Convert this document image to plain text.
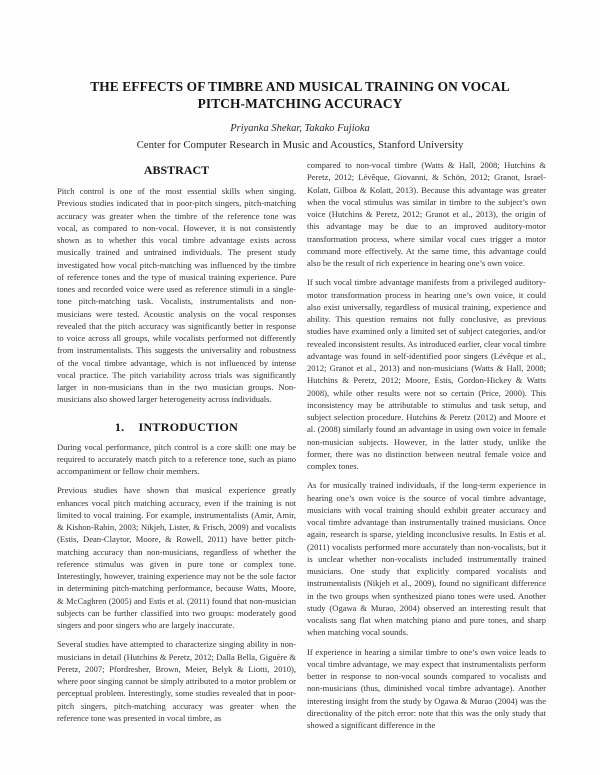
THE EFFECTS OF TIMBRE AND MUSICAL TRAINING ON VOCAL
PITCH-MATCHING ACCURACY
Priyanka Shekar, Takako Fujioka
Center for Computer Research in Music and Acoustics, Stanford University
ABSTRACT

Pitch control is one of the most essential skills when singing. Previous studies indicated that in poor-pitch singers, pitch-matching accuracy was greater when the timbre of the reference tone was vocal, as compared to non-vocal. However, it is not consistently shown as to whether this vocal timbre advantage exists across musically trained and untrained individuals. The present study investigated how vocal pitch-matching was influenced by the timbre of reference tones and the type of musical training experience. Pure tones and recorded voice were used as reference stimuli in a single-tone pitch-matching task. Vocalists, instrumentalists and non-musicians were tested. Acoustic analysis on the vocal responses revealed that the pitch accuracy was significantly better in response to voice across all groups, while vocalists performed not differently from instrumentalists. This suggests the universality and robustness of the vocal timbre advantage, which is not influenced by intense vocal practice. The pitch variability across trials was significantly larger in non-musicians than in the two musician groups. Non-musicians also showed larger heterogeneity across individuals.

1. INTRODUCTION

During vocal performance, pitch control is a core skill: one may be required to accurately match pitch to a reference tone, such as piano accompaniment or fellow choir members.

Previous studies have shown that musical experience greatly enhances vocal pitch matching accuracy, even if the training is not limited to vocal training. For example, instrumentalists (Amir, Amir, & Kishon-Rabin, 2003; Nikjeh, Lister, & Frisch, 2009) and vocalists (Estis, Dean-Claytor, Moore, & Rowell, 2011) have better pitch-matching accuracy than non-musicians, regardless of whether the reference stimulus was given in pure tone or complex tone. Interestingly, however, training experience may not be the sole factor in determining pitch-matching performance, because Watts, Moore, & McCaghren (2005) and Estis et al. (2011) found that non-musician subjects can be further classified into two groups: moderately good singers and poor singers who are largely inaccurate.

Several studies have attempted to characterize singing ability in non-musicians in detail (Hutchins & Peretz, 2012; Dalla Bella, Giguère & Peretz, 2007; Pfordresher, Brown, Meier, Belyk & Liotti, 2010), where poor singing cannot be simply attributed to a motor problem or perceptual problem. Interestingly, some studies revealed that in poor-pitch singers, pitch-matching accuracy was greater when the reference tone was presented in vocal timbre, as

compared to non-vocal timbre (Watts & Hall, 2008; Hutchins & Peretz, 2012; Lévêque, Giovanni, & Schön, 2012; Granot, Israel-Kolatt, Gilboa & Kolatt, 2013). Because this advantage was greater when the vocal stimulus was similar in timbre to the subject’s own voice (Hutchins & Peretz, 2012; Granot et al., 2013), the origin of this advantage may be due to an improved auditory-motor transformation process, where similar vocal cues trigger a motor command more effectively. At the same time, this advantage could also be the result of rich experience in hearing one’s own voice.

If such vocal timbre advantage manifests from a privileged auditory-motor transformation process in hearing one’s own voice, it could also exist universally, regardless of musical training, experience and ability. This question remains not fully conclusive, as previous studies have examined only a limited set of subject categories, and/or revealed inconsistent results. As introduced earlier, clear vocal timbre advantage was found in self-identified poor singers (Lévêque et al., 2012; Granot et al., 2013) and non-musicians (Watts & Hall, 2008; Hutchins & Peretz, 2012; Moore, Estis, Gordon-Hickey & Watts 2008), while other results were not so certain (Price, 2000). This inconsistency may be attributable to stimulus and task setup, and subject selection procedure. Hutchins & Peretz (2012) and Moore et al. (2008) similarly found an advantage in using own voice in female non-musician subjects. However, in the latter study, unlike the former, there was no distinction between neutral female voice and complex tones.

As for musically trained individuals, if the long-term experience in hearing one’s own voice is the source of vocal timbre advantage, musicians with vocal training should exhibit greater accuracy and vocal timbre advantage than instrumentally trained musicians. Once again, research is sparse, yielding inconclusive results. In Estis et al. (2011) vocalists performed more accurately than non-vocalists, but it is unclear whether non-vocalists included instrumentally trained musicians. One study that explicitly compared vocalists and instrumentalists (Nikjeh et al., 2009), found no significant difference in the two groups when synthesized piano tones were used. Another study (Ogawa & Murao, 2004) observed an interesting result that vocalists sang flat when matching piano and pure tones, and sharp when matching vocal sounds.

If experience in hearing a similar timbre to one’s own voice leads to vocal timbre advantage, we may expect that instrumentalists perform better in response to non-vocal sounds compared to vocalists and non-musicians (thus, diminished vocal timbre advantage). Another interesting insight from the study by Ogawa & Murao (2004) was the directionality of the pitch error: note that this was the only study that showed a significant difference in the
